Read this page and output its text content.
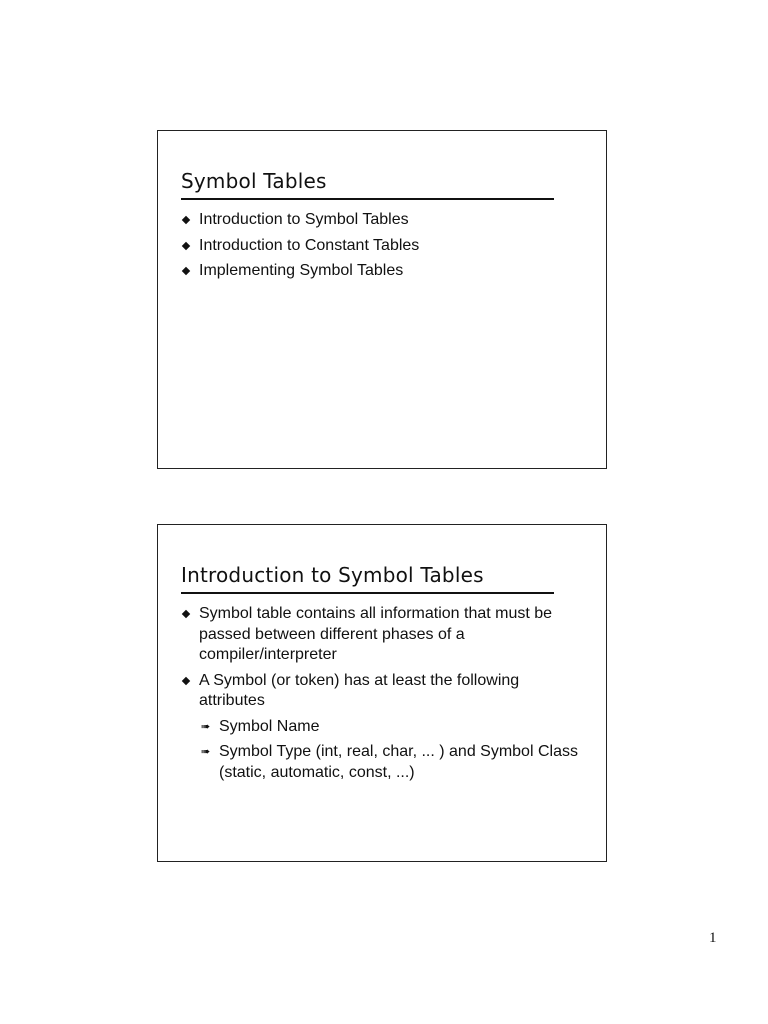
Symbol Tables
Introduction to Symbol Tables
Introduction to Constant Tables
Implementing Symbol Tables
Introduction to Symbol Tables
Symbol table contains all information that must be passed between different phases of a compiler/interpreter
A Symbol (or token) has at least the following attributes
➠ Symbol Name
➠ Symbol Type (int, real, char, ... ) and Symbol Class (static, automatic, const, ...)
1
